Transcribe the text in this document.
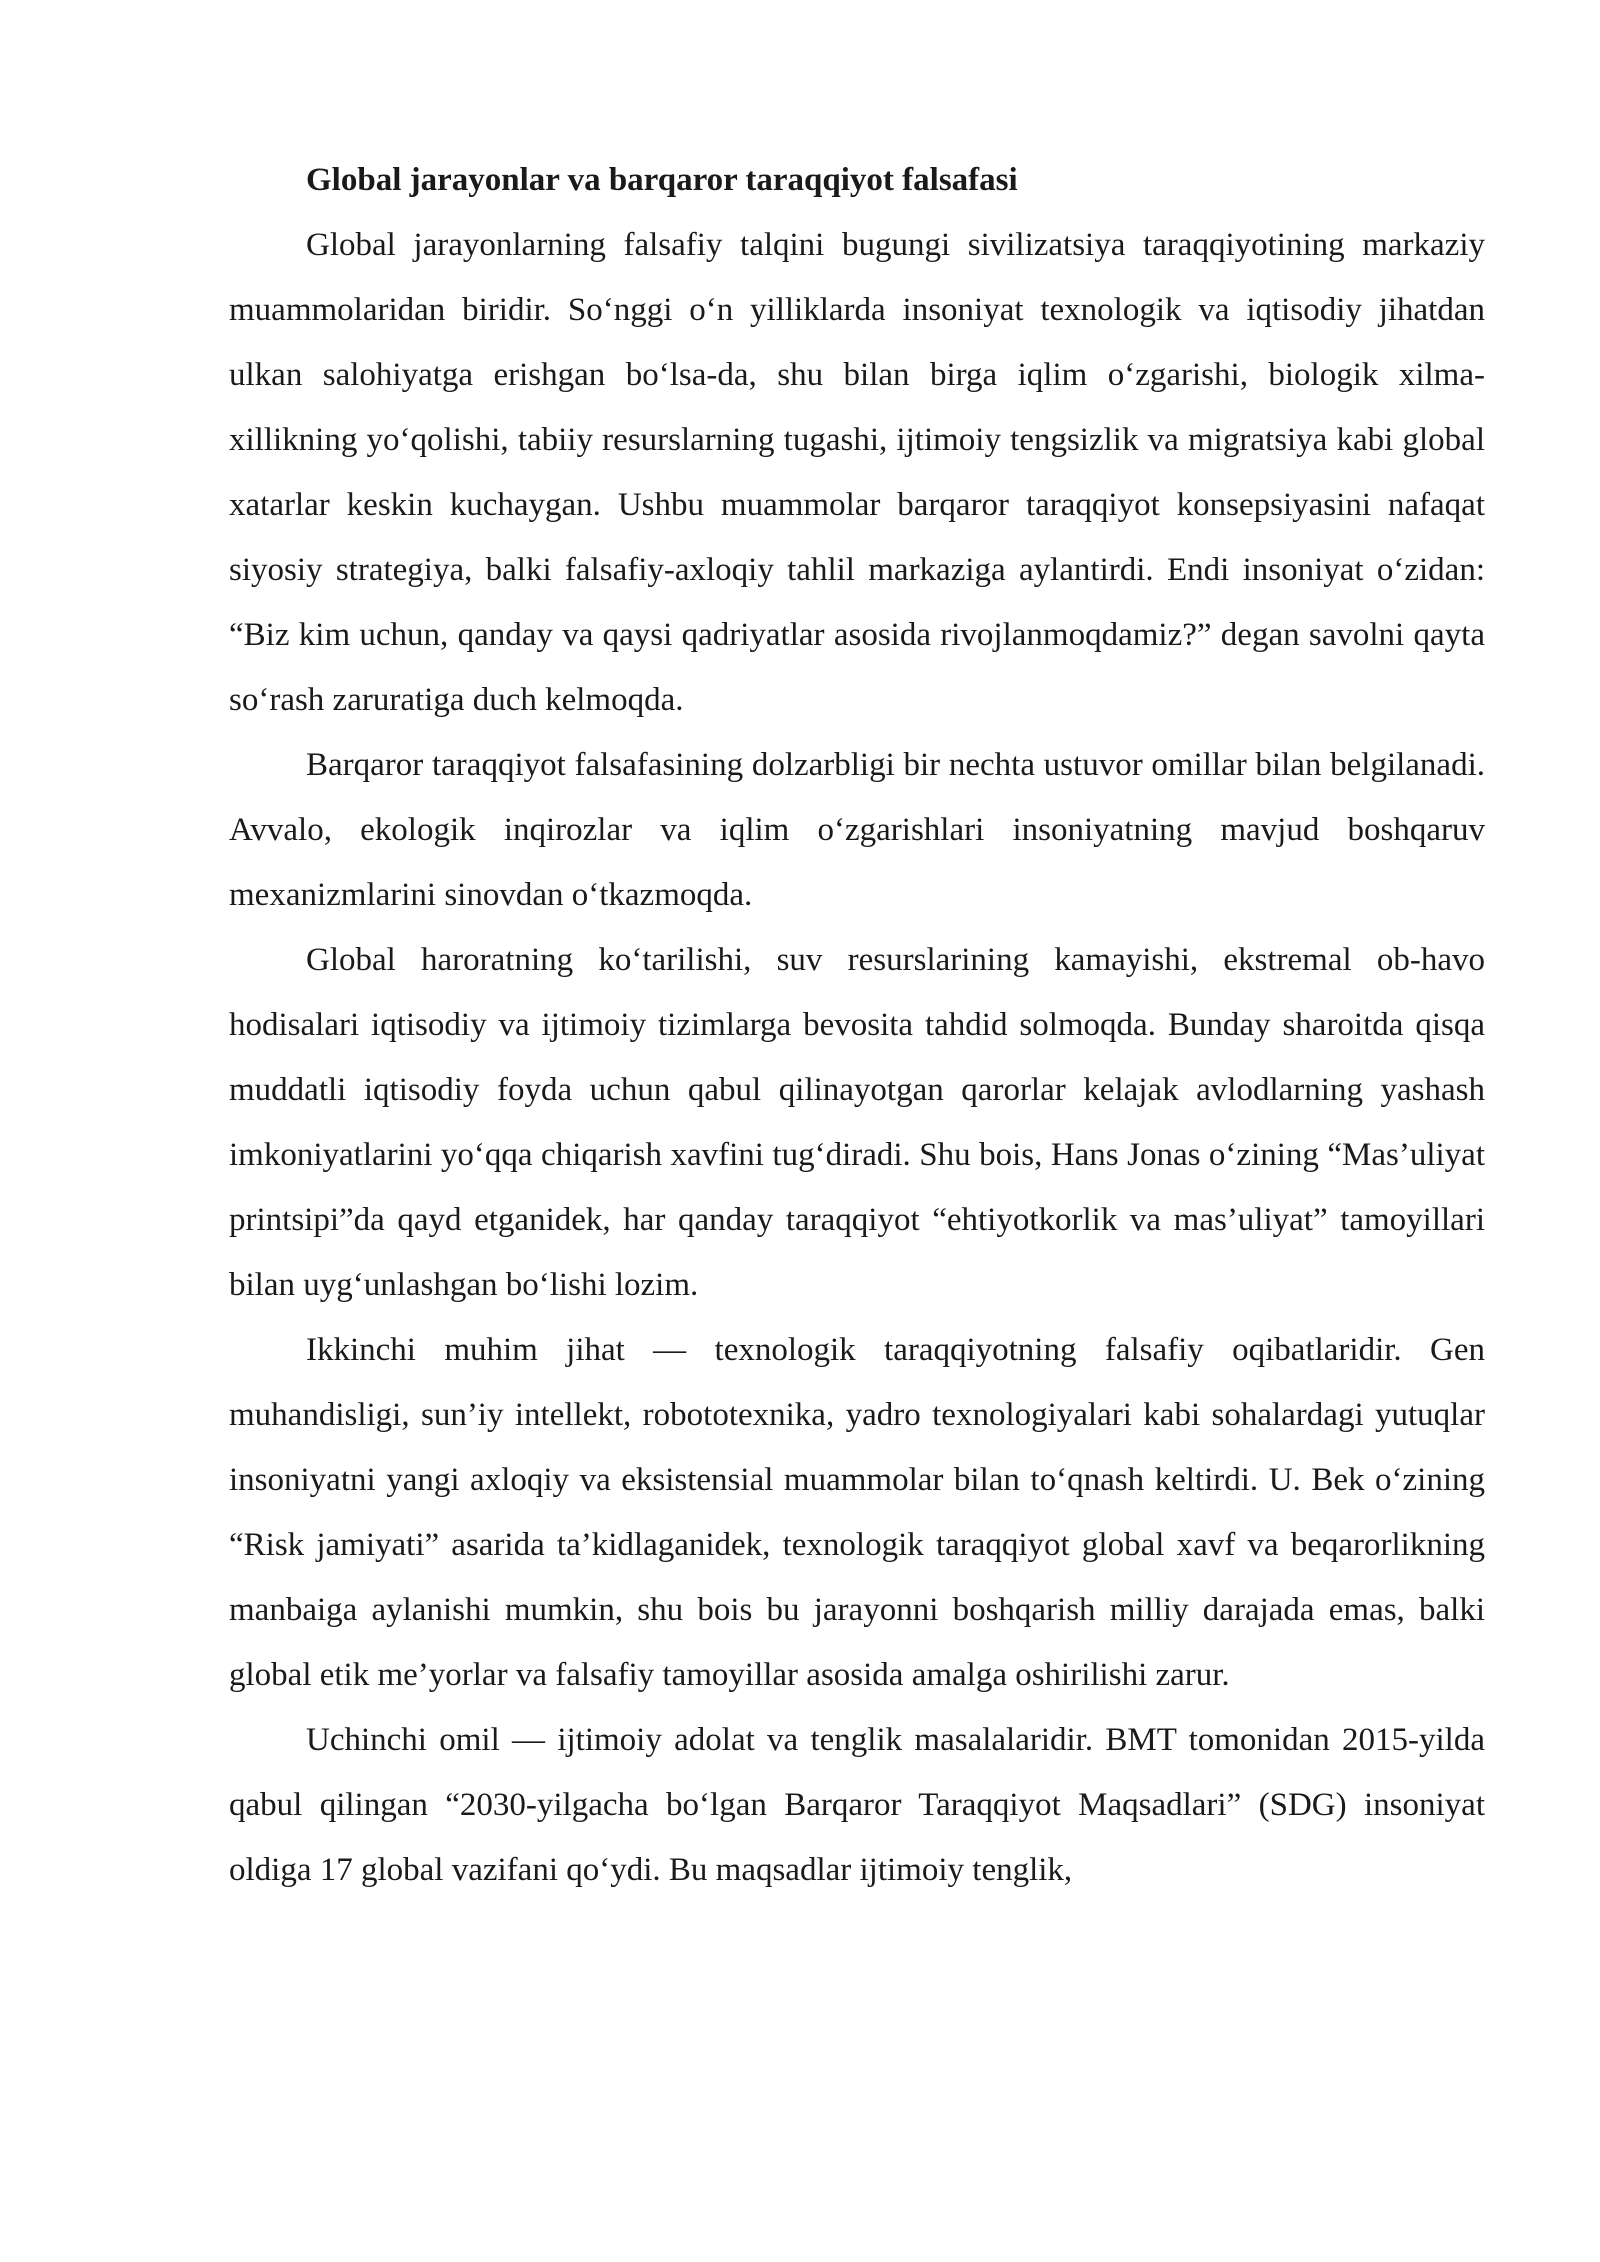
Global jarayonlar va barqaror taraqqiyot falsafasi

Global jarayonlarning falsafiy talqini bugungi sivilizatsiya taraqqiyotining markaziy muammolaridan biridir. So‘nggi o‘n yilliklarda insoniyat texnologik va iqtisodiy jihatdan ulkan salohiyatga erishgan bo‘lsa-da, shu bilan birga iqlim o‘zgarishi, biologik xilma-xillikning yo‘qolishi, tabiiy resurslarning tugashi, ijtimoiy tengsizlik va migratsiya kabi global xatarlar keskin kuchaygan. Ushbu muammolar barqaror taraqqiyot konsepsiyasini nafaqat siyosiy strategiya, balki falsafiy-axloqiy tahlil markaziga aylantirdi. Endi insoniyat o‘zidan: “Biz kim uchun, qanday va qaysi qadriyatlar asosida rivojlanmoqdamiz?” degan savolni qayta so‘rash zaruratiga duch kelmoqda.

Barqaror taraqqiyot falsafasining dolzarbligi bir nechta ustuvor omillar bilan belgilanadi. Avvalo, ekologik inqirozlar va iqlim o‘zgarishlari insoniyatning mavjud boshqaruv mexanizmlarini sinovdan o‘tkazmoqda.

Global haroratning ko‘tarilishi, suv resurslarining kamayishi, ekstremal ob-havo hodisalari iqtisodiy va ijtimoiy tizimlarga bevosita tahdid solmoqda. Bunday sharoitda qisqa muddatli iqtisodiy foyda uchun qabul qilinayotgan qarorlar kelajak avlodlarning yashash imkoniyatlarini yo‘qqa chiqarish xavfini tug‘diradi. Shu bois, Hans Jonas o‘zining “Mas’uliyat printsipi”da qayd etganidek, har qanday taraqqiyot “ehtiyotkorlik va mas’uliyat” tamoyillari bilan uyg‘unlashgan bo‘lishi lozim.

Ikkinchi muhim jihat — texnologik taraqqiyotning falsafiy oqibatlaridir. Gen muhandisligi, sun’iy intellekt, robototexnika, yadro texnologiyalari kabi sohalardagi yutuqlar insoniyatni yangi axloqiy va eksistensial muammolar bilan to‘qnash keltirdi. U. Bek o‘zining “Risk jamiyati” asarida ta’kidlaganidek, texnologik taraqqiyot global xavf va beqarorlikning manbaiga aylanishi mumkin, shu bois bu jarayonni boshqarish milliy darajada emas, balki global etik me’yorlar va falsafiy tamoyillar asosida amalga oshirilishi zarur.

Uchinchi omil — ijtimoiy adolat va tenglik masalalaridir. BMT tomonidan 2015-yilda qabul qilingan “2030-yilgacha bo‘lgan Barqaror Taraqqiyot Maqsadlari” (SDG) insoniyat oldiga 17 global vazifani qo‘ydi. Bu maqsadlar ijtimoiy tenglik,
